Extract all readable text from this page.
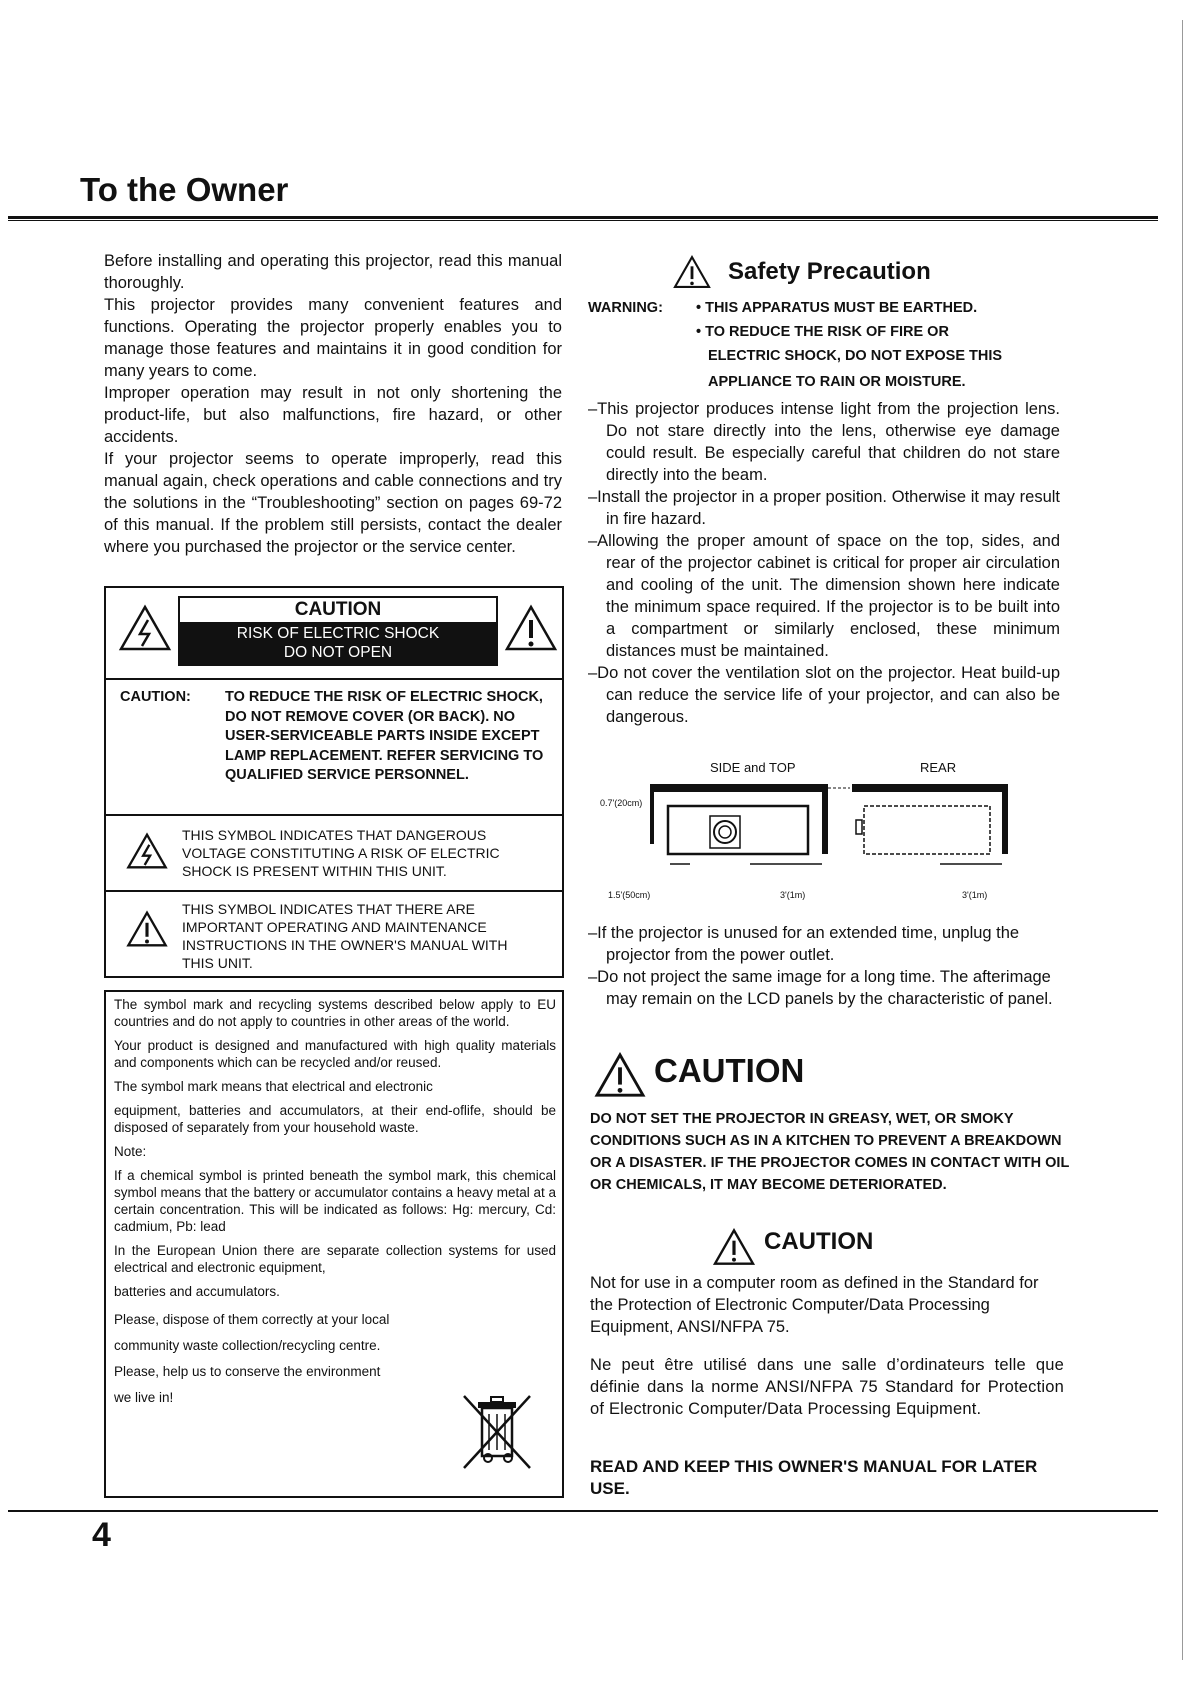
To the Owner

Before installing and operating this projector, read this manual thoroughly.

This projector provides many convenient features and functions. Operating the projector properly enables you to manage those features and maintains it in good condition for many years to come.

Improper operation may result in not only shortening the product-life, but also malfunctions, fire hazard, or other accidents.

If your projector seems to operate improperly, read this manual again, check operations and cable connections and try the solutions in the “Troubleshooting” section on pages 69-72 of this manual. If the problem still persists, contact the dealer where you purchased the projector or the service center.

CAUTION
RISK OF ELECTRIC SHOCK
DO NOT OPEN
CAUTION:	TO REDUCE THE RISK OF ELECTRIC SHOCK, DO NOT REMOVE COVER (OR BACK). NO USER-SERVICEABLE PARTS INSIDE EXCEPT LAMP REPLACEMENT. REFER SERVICING TO QUALIFIED SERVICE PERSONNEL.
THIS SYMBOL INDICATES THAT DANGEROUS VOLTAGE CONSTITUTING A RISK OF ELECTRIC SHOCK IS PRESENT WITHIN THIS UNIT.
THIS SYMBOL INDICATES THAT THERE ARE IMPORTANT OPERATING AND MAINTENANCE INSTRUCTIONS IN THE OWNER'S MANUAL WITH THIS UNIT.

The symbol mark and recycling systems described below apply to EU countries and do not apply to countries in other areas of the world.

Your product is designed and manufactured with high quality materials and components which can be recycled and/or reused.

The symbol mark means that electrical and electronic

equipment, batteries and accumulators, at their end-oflife, should be disposed of separately from your household waste.

Note:

If a chemical symbol is printed beneath the symbol mark, this chemical symbol means that the battery or accumulator contains a heavy metal at a certain concentration. This will be indicated as follows: Hg: mercury, Cd: cadmium, Pb: lead

In the European Union there are separate collection systems for used electrical and electronic equipment,

batteries and accumulators.

Please, dispose of them correctly at your local
community waste collection/recycling centre.
Please, help us to conserve the environment
we live in!
Safety Precaution
WARNING: • THIS APPARATUS MUST BE EARTHED.
• TO REDUCE THE RISK OF FIRE OR
ELECTRIC SHOCK, DO NOT EXPOSE THIS
APPLIANCE TO RAIN OR MOISTURE.

–This projector produces intense light from the projection lens. Do not stare directly into the lens, otherwise eye damage could result. Be especially careful that children do not stare directly into the beam.

–Install the projector in a proper position. Otherwise it may result in fire hazard.

–Allowing the proper amount of space on the top, sides, and rear of the projector cabinet is critical for proper air circulation and cooling of the unit. The dimension shown here indicate the minimum space required. If the projector is to be built into a compartment or similarly enclosed, these minimum distances must be maintained.

–Do not cover the ventilation slot on the projector. Heat build-up can reduce the service life of your projector, and can also be dangerous.

SIDE and TOP	REAR
0.7'(20cm)
1.5'(50cm)	3'(1m)	3'(1m)

–If the projector is unused for an extended time, unplug the projector from the power outlet.

–Do not project the same image for a long time. The afterimage may remain on the LCD panels by the characteristic of panel.

CAUTION
DO NOT SET THE PROJECTOR IN GREASY, WET, OR SMOKY CONDITIONS SUCH AS IN A KITCHEN TO PREVENT A BREAKDOWN OR A DISASTER. IF THE PROJECTOR COMES IN CONTACT WITH OIL OR CHEMICALS, IT MAY BECOME DETERIORATED.
CAUTION

Not for use in a computer room as defined in the Standard for the Protection of Electronic Computer/Data Processing Equipment, ANSI/NFPA 75.

Ne peut être utilisé dans une salle d’ordinateurs telle que définie dans la norme ANSI/NFPA 75 Standard for Protection of Electronic Computer/Data Processing Equipment.
READ AND KEEP THIS OWNER'S MANUAL FOR LATER USE.
4
